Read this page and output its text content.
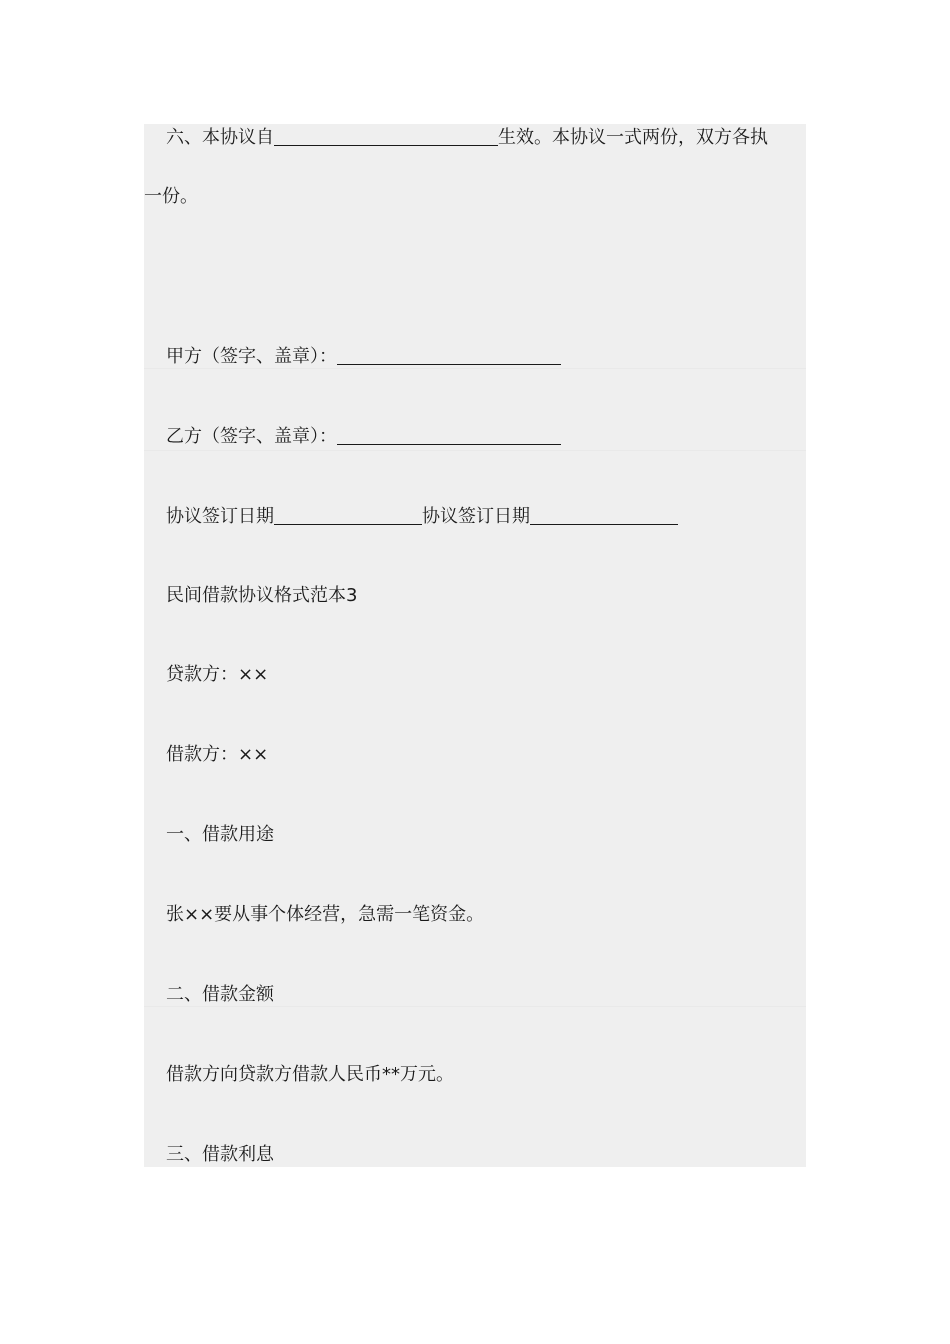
六、本协议自	生效。本协议一式两份，双方各执
一份。
甲方（签字、盖章）：
乙方（签字、盖章）：
协议签订日期	协议签订日期
民间借款协议格式范本3
贷款方：××
借款方：××
一、借款用途
张××要从事个体经营，急需一笔资金。
二、借款金额
借款方向贷款方借款人民币**万元。
三、借款利息
